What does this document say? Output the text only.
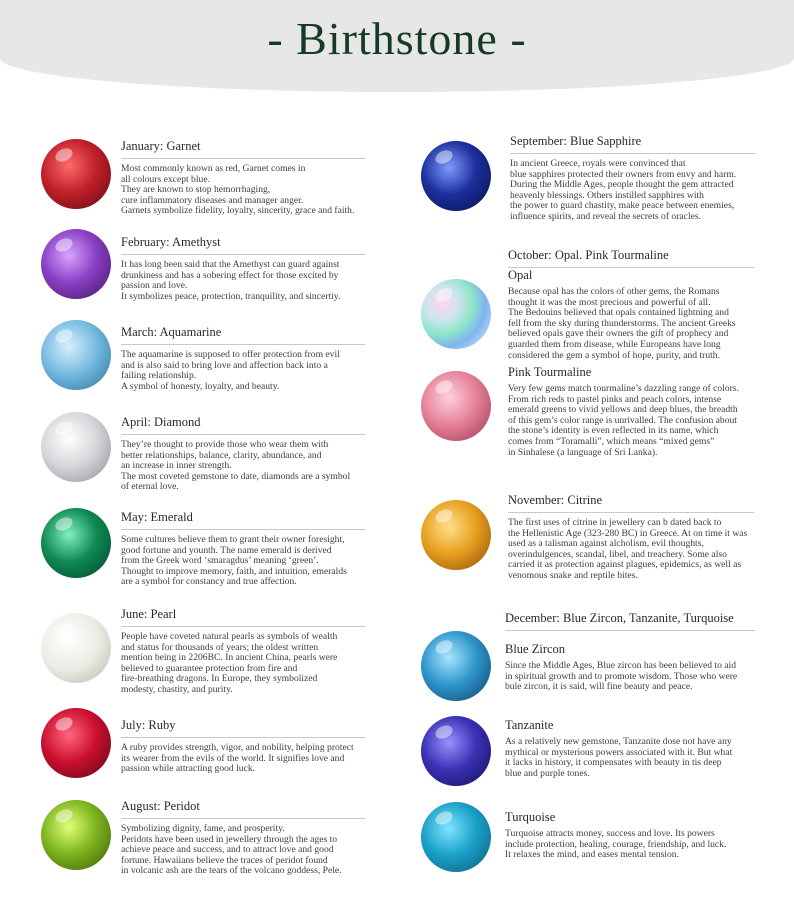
- Birthstone -
January: Garnet
Most commonly known as red, Garnet comes in
all colours except blue.
They are known to stop hemorrhaging,
cure inflammatory diseases and manager anger.
Garnets symbolize fidelity, loyalty, sincerity, grace and faith.
February: Amethyst
It has long been said that the Amethyst can guard against
drunkiness and has a sobering effect for those excited by
passion and love.
It symbolizes peace, protection, tranquility, and sincertiy.
March: Aquamarine
The aquamarine is supposed to offer protection from evil
and is also said to bring love and affection back into a
failing relationship.
A symbol of honesty, loyalty, and beauty.
April: Diamond
They’re thought to provide those who wear them with
better relationships, balance, clarity, abundance, and
an increase in inner strength.
The most coveted gemstone to date, diamonds are a symbol
of eternal love.
May: Emerald
Some cultures believe them to grant their owner foresight,
good fortune and younth. The name emerald is derived
from the Greek word ‘smaragdus’ meaning ‘green’.
Thought to improve memory, faith, and intuition, emeralds
are a symbol for constancy and true affection.
June: Pearl
People have coveted natural pearls as symbols of wealth
and status for thousands of years; the oldest written
mention being in 2206BC. In ancient China, pearls were
believed to guarantee protection from fire and
fire-breathing dragons. In Europe, they symbolized
modesty, chastity, and purity.
July: Ruby
A ruby provides strength, vigor, and nobility, helping protect
its wearer from the evils of the world. It signifies love and
passion while attracting good luck.
August: Peridot
Symbolizing dignity, fame, and prosperity.
Peridots have been used in jewellery through the ages to
achieve peace and success, and to attract love and good
fortune. Hawaiians believe the traces of peridot found
in volcanic ash are the tears of the volcano goddess, Pele.
September: Blue Sapphire
In ancient Greece, royals were convinced that
blue sapphires protected their owners from envy and harm.
During the Middle Ages, people thought the gem attracted
heavenly blessings. Others instilled sapphires with
the power to guard chastity, make peace between enemies,
influence spirits, and reveal the secrets of oracles.
October: Opal. Pink Tourmaline
Opal
Because opal has the colors of other gems, the Romans
thought it was the most precious and powerful of all.
The Bedouins believed that opals contained lightning and
fell from the sky during thunderstorms. The ancient Greeks
believed opals gave their owners the gift of prophecy and
guarded them from disease, while Europeans have long
considered the gem a symbol of hope, purity, and truth.
Pink Tourmaline
Very few gems match tourmaline’s dazzling range of colors.
From rich reds to pastel pinks and peach colors, intense
emerald greens to vivid yellows and deep blues, the breadth
of this gem’s color range is unrivalled. The confusion about
the stone’s identity is even reflected in its name, which
comes from “Toramalli”, which means “mixed gems”
in Sinhalese (a language of Sri Lanka).
November: Citrine
The first uses of citrine in jewellery can b dated back to
the Hellenistic Age (323-280 BC) in Greece. At on time it was
used as a talisman against alcholism, evil thoughts,
overindulgences, scandal, libel, and treachery. Some also
carried it as protection against plagues, epidemics, as well as
venomous snake and reptile bites.
December: Blue Zircon, Tanzanite, Turquoise
Blue Zircon
Since the Middle Ages, Blue zircon has been believed to aid
in spiritual growth and to promote wisdom. Those who were
bule zircon, it is said, will fine beauty and peace.
Tanzanite
As a relatively new gemstone, Tanzanite dose not have any
mythical or mysterious powers associated with it. But what
it lacks in history, it compensates with beauty in tis deep
blue and purple tones.
Turquoise
Turquoise attracts money, success and love. Its powers
include protection, healing, courage, friendship, and luck.
It relaxes the mind, and eases mental tension.
